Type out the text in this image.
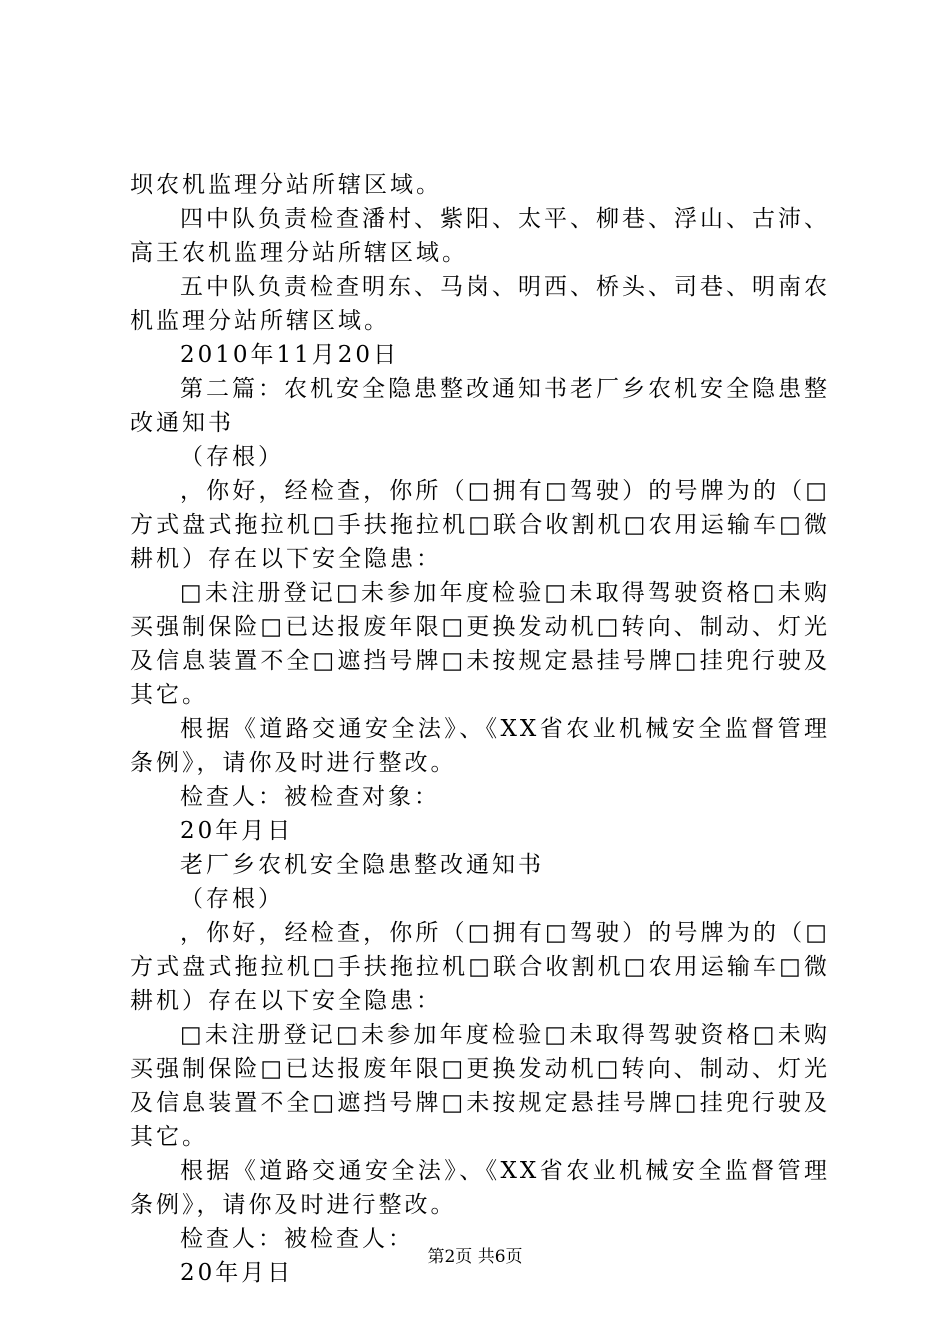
坝农机监理分站所辖区域。
四中队负责检查潘村、紫阳、太平、柳巷、浮山、古沛、
高王农机监理分站所辖区域。
五中队负责检查明东、马岗、明西、桥头、司巷、明南农
机监理分站所辖区域。
2010年11月20日
第二篇：农机安全隐患整改通知书老厂乡农机安全隐患整
改通知书
（存根）
，你好，经检查，你所（□拥有□驾驶）的号牌为的（□
方式盘式拖拉机□手扶拖拉机□联合收割机□农用运输车□微
耕机）存在以下安全隐患：
□未注册登记□未参加年度检验□未取得驾驶资格□未购
买强制保险□已达报废年限□更换发动机□转向、制动、灯光
及信息装置不全□遮挡号牌□未按规定悬挂号牌□挂兜行驶及
其它。
根据《道路交通安全法》、《XX省农业机械安全监督管理
条例》，请你及时进行整改。
检查人：被检查对象：
20年月日
老厂乡农机安全隐患整改通知书
（存根）
，你好，经检查，你所（□拥有□驾驶）的号牌为的（□
方式盘式拖拉机□手扶拖拉机□联合收割机□农用运输车□微
耕机）存在以下安全隐患：
□未注册登记□未参加年度检验□未取得驾驶资格□未购
买强制保险□已达报废年限□更换发动机□转向、制动、灯光
及信息装置不全□遮挡号牌□未按规定悬挂号牌□挂兜行驶及
其它。
根据《道路交通安全法》、《XX省农业机械安全监督管理
条例》，请你及时进行整改。
检查人：被检查人：
20年月日
第2页 共6页
